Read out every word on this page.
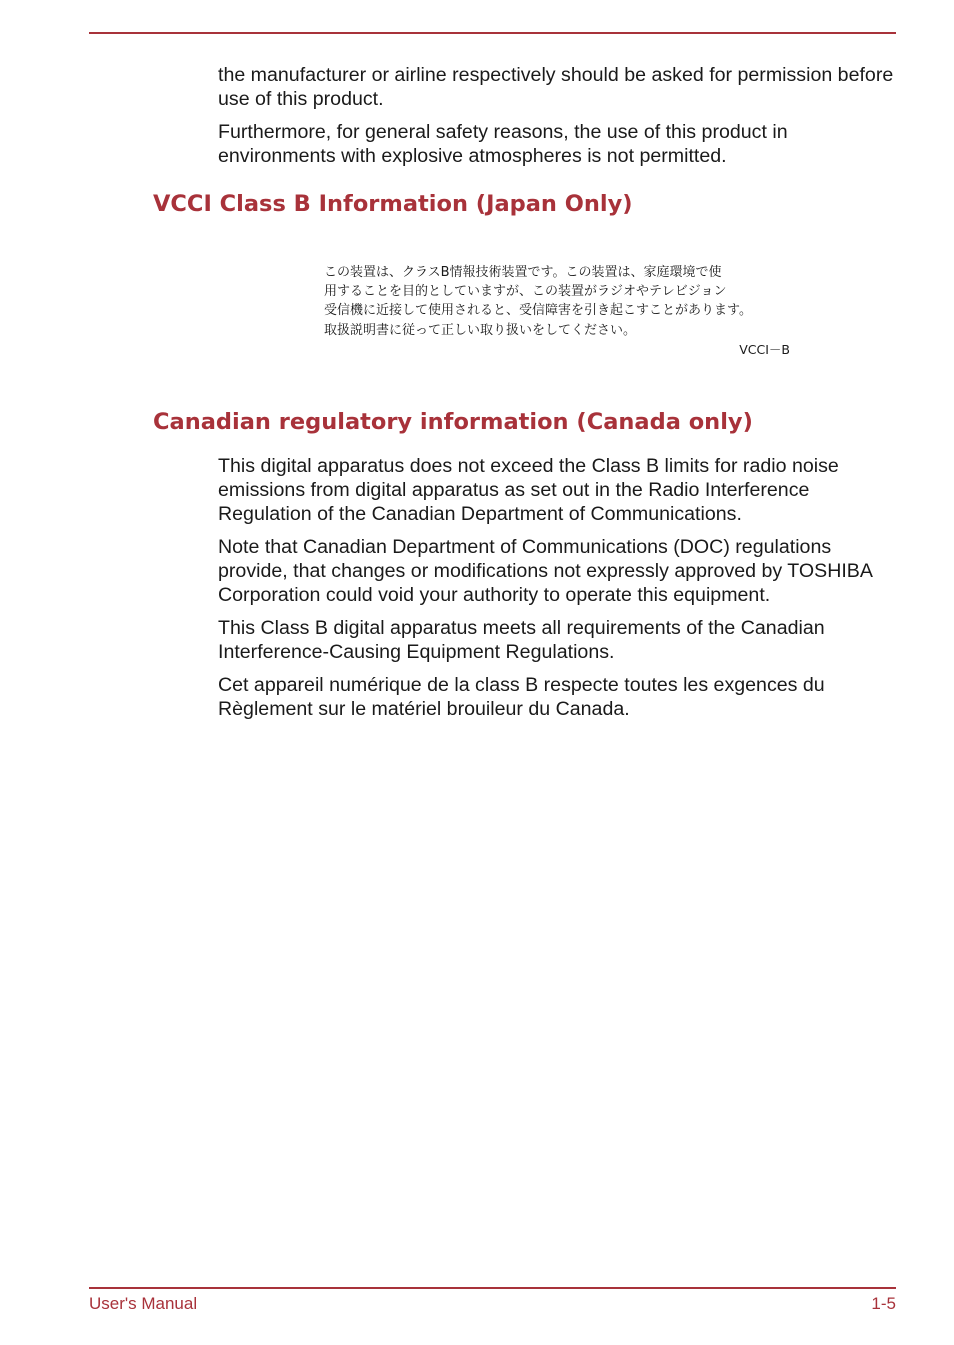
the manufacturer or airline respectively should be asked for permission before use of this product.

Furthermore, for general safety reasons, the use of this product in environments with explosive atmospheres is not permitted.

VCCI Class B Information (Japan Only)
この装置は、クラスB情報技術装置です。この装置は、家庭環境で使
用することを目的としていますが、この装置がラジオやテレビジョン
受信機に近接して使用されると、受信障害を引き起こすことがあります。
取扱説明書に従って正しい取り扱いをしてください。
VCCI－B
Canadian regulatory information (Canada only)

This digital apparatus does not exceed the Class B limits for radio noise emissions from digital apparatus as set out in the Radio Interference Regulation of the Canadian Department of Communications.

Note that Canadian Department of Communications (DOC) regulations provide, that changes or modifications not expressly approved by TOSHIBA Corporation could void your authority to operate this equipment.

This Class B digital apparatus meets all requirements of the Canadian Interference-Causing Equipment Regulations.

Cet appareil numérique de la class B respecte toutes les exgences du Règlement sur le matériel brouileur du Canada.

User's Manual	1-5
